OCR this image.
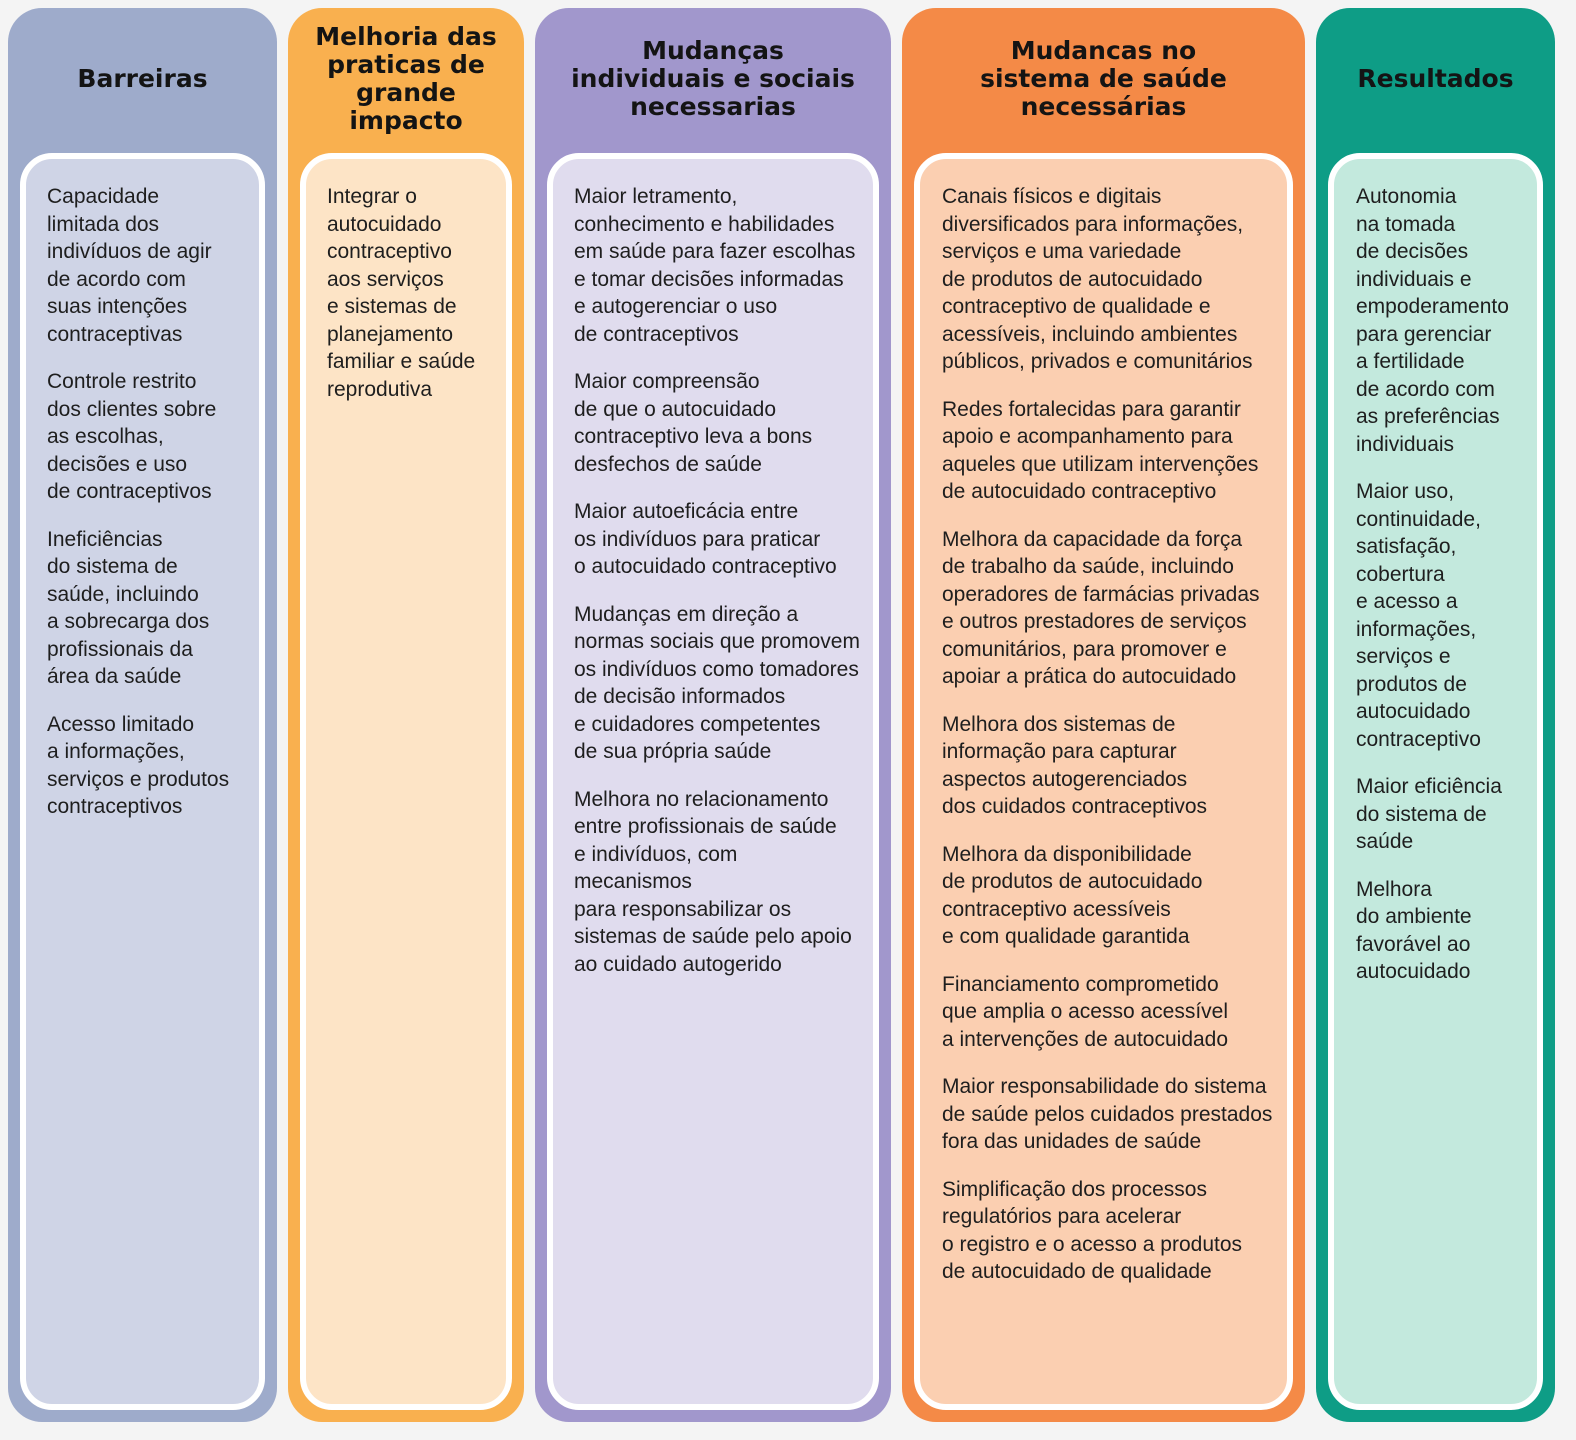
Barreiras

Capacidade
limitada dos
indivíduos de agir
de acordo com
suas intenções
contraceptivas

Controle restrito
dos clientes sobre
as escolhas,
decisões e uso
de contraceptivos

Ineficiências
do sistema de
saúde, incluindo
a sobrecarga dos
profissionais da
área da saúde

Acesso limitado
a informações,
serviços e produtos
contraceptivos

Melhoria das
praticas de
grande impacto

Integrar o
autocuidado
contraceptivo
aos serviços
e sistemas de
planejamento
familiar e saúde
reprodutiva

Mudanças
individuais e sociais
necessarias

Maior letramento,
conhecimento e habilidades
em saúde para fazer escolhas
e tomar decisões informadas
e autogerenciar o uso
de contraceptivos

Maior compreensão
de que o autocuidado
contraceptivo leva a bons
desfechos de saúde

Maior autoeficácia entre
os indivíduos para praticar
o autocuidado contraceptivo

Mudanças em direção a
normas sociais que promovem
os indivíduos como tomadores
de decisão informados
e cuidadores competentes
de sua própria saúde

Melhora no relacionamento
entre profissionais de saúde
e indivíduos, com mecanismos
para responsabilizar os
sistemas de saúde pelo apoio
ao cuidado autogerido

Mudancas no
sistema de saúde
necessárias

Canais físicos e digitais
diversificados para informações,
serviços e uma variedade
de produtos de autocuidado
contraceptivo de qualidade e
acessíveis, incluindo ambientes
públicos, privados e comunitários

Redes fortalecidas para garantir
apoio e acompanhamento para
aqueles que utilizam intervenções
de autocuidado contraceptivo

Melhora da capacidade da força
de trabalho da saúde, incluindo
operadores de farmácias privadas
e outros prestadores de serviços
comunitários, para promover e
apoiar a prática do autocuidado

Melhora dos sistemas de
informação para capturar
aspectos autogerenciados
dos cuidados contraceptivos

Melhora da disponibilidade
de produtos de autocuidado
contraceptivo acessíveis
e com qualidade garantida

Financiamento comprometido
que amplia o acesso acessível
a intervenções de autocuidado

Maior responsabilidade do sistema
de saúde pelos cuidados prestados
fora das unidades de saúde

Simplificação dos processos
regulatórios para acelerar
o registro e o acesso a produtos
de autocuidado de qualidade

Resultados

Autonomia
na tomada
de decisões
individuais e
empoderamento
para gerenciar
a fertilidade
de acordo com
as preferências
individuais

Maior uso,
continuidade,
satisfação,
cobertura
e acesso a
informações,
serviços e
produtos de
autocuidado
contraceptivo

Maior eficiência
do sistema de
saúde

Melhora
do ambiente
favorável ao
autocuidado
